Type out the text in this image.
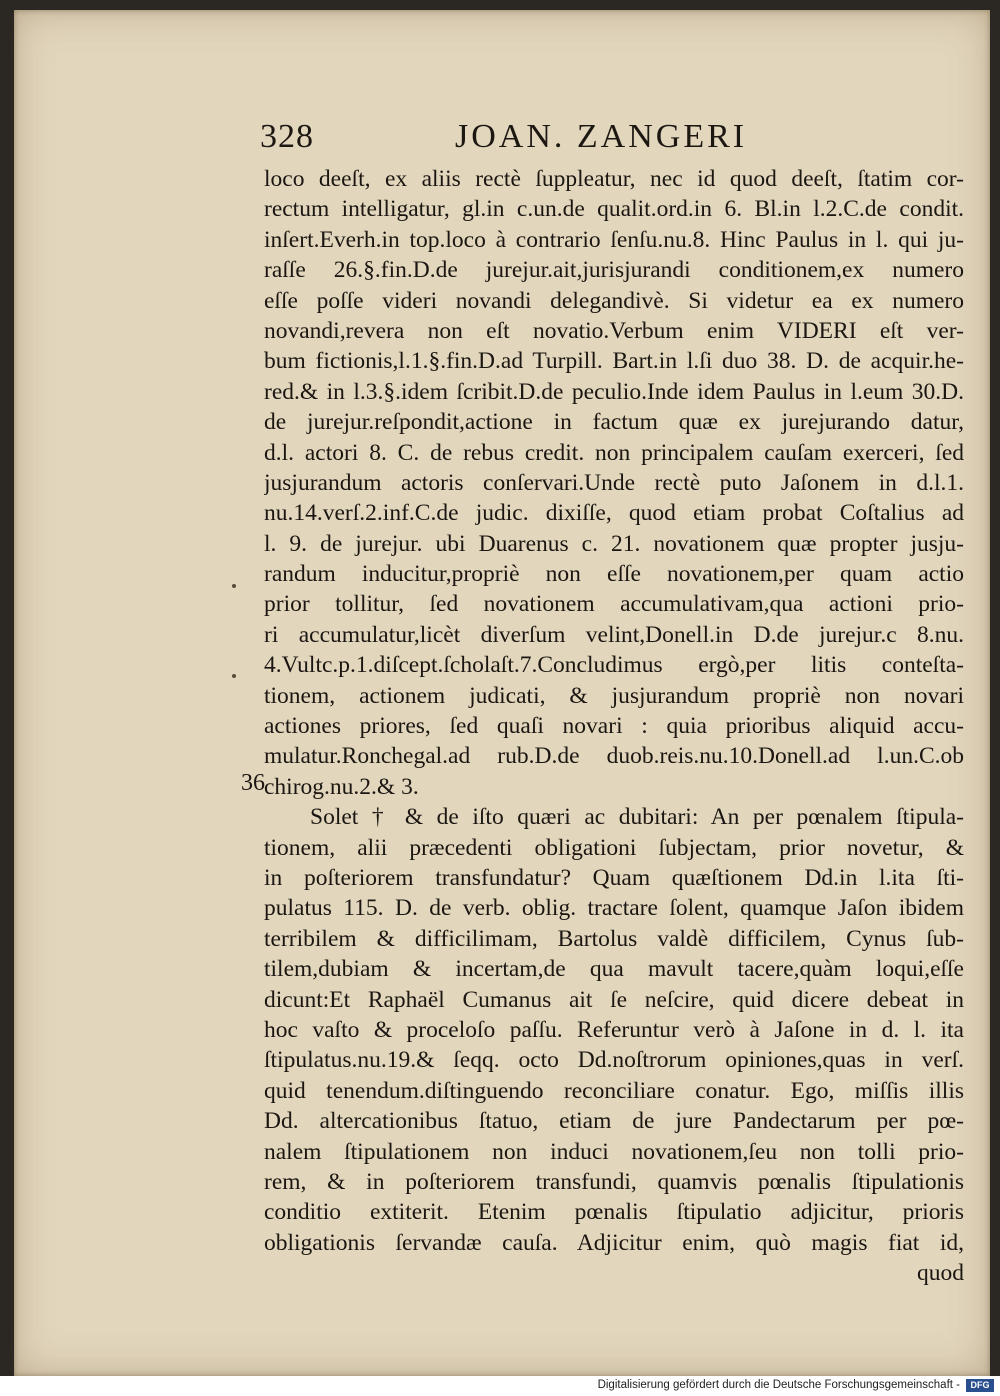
328	JOAN. ZANGERI
36
loco deeſt, ex aliis rectè ſuppleatur, nec id quod deeſt, ſtatim cor-
rectum intelligatur, gl.in c.un.de qualit.ord.in 6. Bl.in l.2.C.de condit.
inſert.Everh.in top.loco à contrario ſenſu.nu.8. Hinc Paulus in l. qui ju-
raſſe 26.§.fin.D.de jurejur.ait,jurisjurandi conditionem,ex numero
eſſe poſſe videri novandi delegandivè. Si videtur ea ex numero
novandi,revera non eſt novatio.Verbum enim VIDERI eſt ver-
bum fictionis,l.1.§.fin.D.ad Turpill. Bart.in l.ſi duo 38. D. de acquir.he-
red.& in l.3.§.idem ſcribit.D.de peculio.Inde idem Paulus in l.eum 30.D.
de jurejur.reſpondit,actione in factum quæ ex jurejurando datur,
d.l. actori 8. C. de rebus credit. non principalem cauſam exerceri, ſed
jusjurandum actoris conſervari.Unde rectè puto Jaſonem in d.l.1.
nu.14.verſ.2.inf.C.de judic. dixiſſe, quod etiam probat Coſtalius ad
l. 9. de jurejur. ubi Duarenus c. 21. novationem quæ propter jusju-
randum inducitur,propriè non eſſe novationem,per quam actio
prior tollitur, ſed novationem accumulativam,qua actioni prio-
ri accumulatur,licèt diverſum velint,Donell.in D.de jurejur.c 8.nu.
4.Vultc.p.1.diſcept.ſcholaſt.7.Concludimus ergò,per litis conteſta-
tionem, actionem judicati, & jusjurandum propriè non novari
actiones priores, ſed quaſi novari : quia prioribus aliquid accu-
mulatur.Ronchegal.ad rub.D.de duob.reis.nu.10.Donell.ad l.un.C.ob
chirog.nu.2.& 3.
Solet † & de iſto quæri ac dubitari: An per pœnalem ſtipula-
tionem, alii præcedenti obligationi ſubjectam, prior novetur, &
in poſteriorem transfundatur? Quam quæſtionem Dd.in l.ita ſti-
pulatus 115. D. de verb. oblig. tractare ſolent, quamque Jaſon ibidem
terribilem & difficilimam, Bartolus valdè difficilem, Cynus ſub-
tilem,dubiam & incertam,de qua mavult tacere,quàm loqui,eſſe
dicunt:Et Raphaël Cumanus ait ſe neſcire, quid dicere debeat in
hoc vaſto & proceloſo paſſu. Referuntur verò à Jaſone in d. l. ita
ſtipulatus.nu.19.& ſeqq. octo Dd.noſtrorum opiniones,quas in verſ.
quid tenendum.diſtinguendo reconciliare conatur. Ego, miſſis illis
Dd. altercationibus ſtatuo, etiam de jure Pandectarum per pœ-
nalem ſtipulationem non induci novationem,ſeu non tolli prio-
rem, & in poſteriorem transfundi, quamvis pœnalis ſtipulationis
conditio extiterit. Etenim pœnalis ſtipulatio adjicitur, prioris
obligationis ſervandæ cauſa. Adjicitur enim, quò magis fiat id,
quod
Digitalisierung gefördert durch die Deutsche Forschungsgemeinschaft -	DFG
